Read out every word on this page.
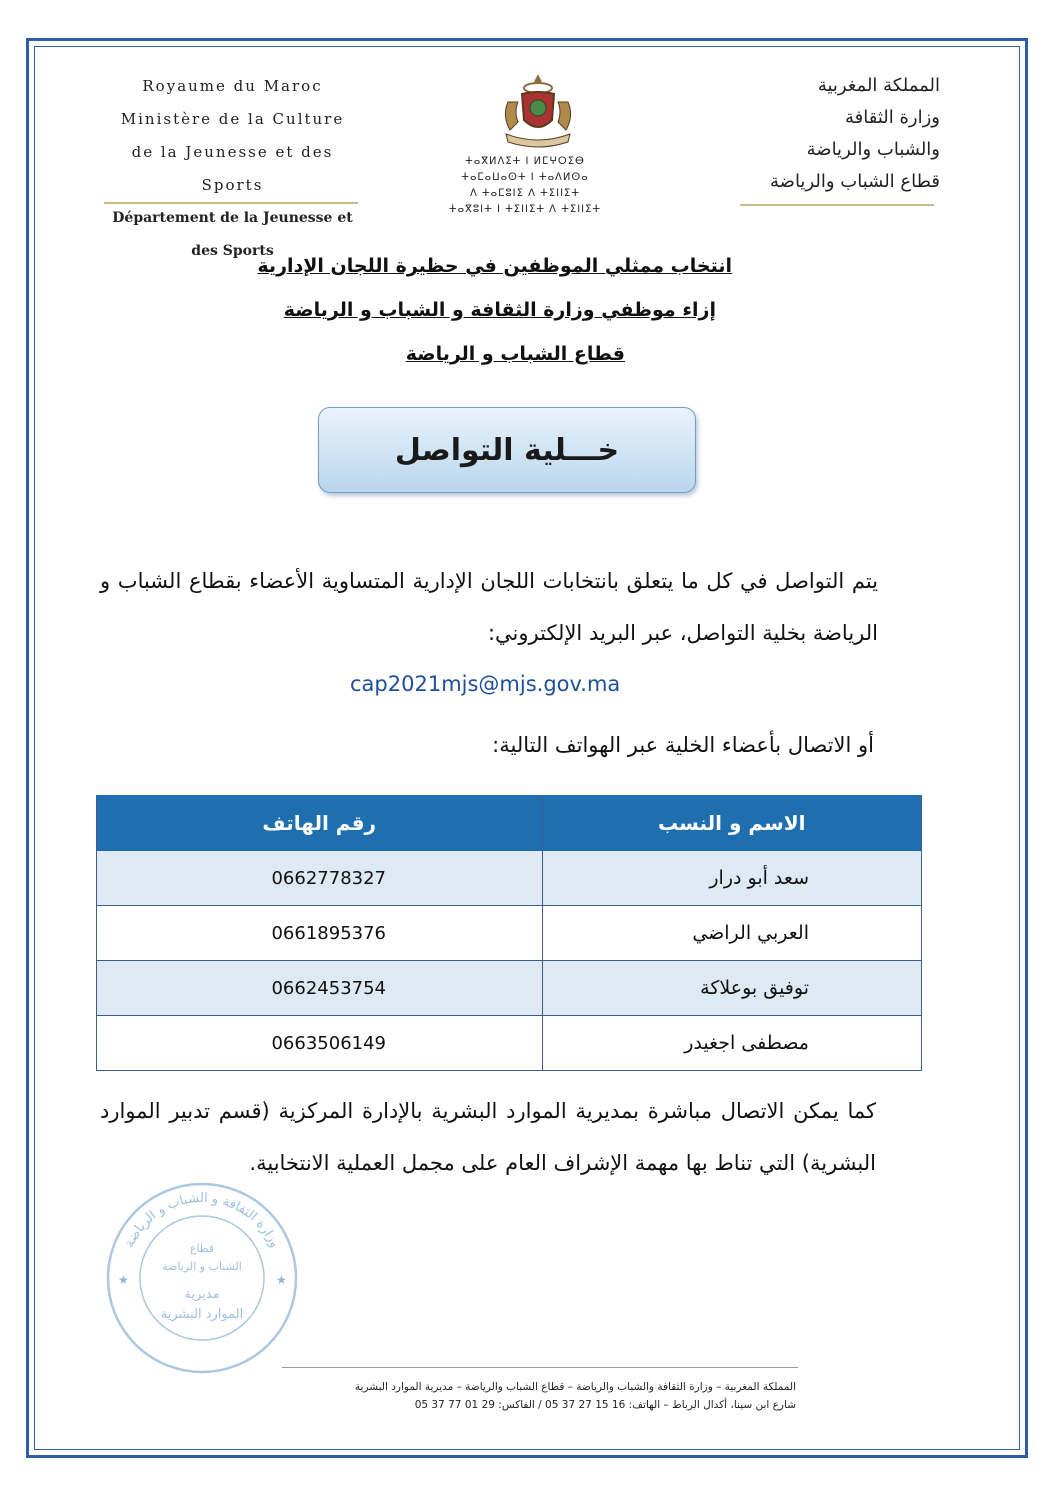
Royaume du Maroc
Ministère de la Culture
de la Jeunesse et des Sports
Département de la Jeunesse et des Sports
ⵜⴰⴳⵍⴷⵉⵜ ⵏ ⵍⵎⵖⵔⵉⴱ
ⵜⴰⵎⴰⵡⴰⵙⵜ ⵏ ⵜⴰⴷⵍⵙⴰ
ⴷ ⵜⴰⵎⵓⵏⵉ ⴷ ⵜⵉⵏⵏⵉⵜ
ⵜⴰⴳⵓⵏⵜ ⵏ ⵜⵉⵏⵏⵉⵜ ⴷ ⵜⵉⵏⵏⵉⵜ
المملكة المغربية
وزارة الثقافة
والشباب والرياضة
قطاع الشباب والرياضة
انتخاب ممثلي الموظفين في حظيرة اللجان الإدارية
إزاء موظفي وزارة الثقافة و الشباب و الرياضة
قطاع الشباب و الرياضة
خـــلية التواصل
يتم التواصل في كل ما يتعلق بانتخابات اللجان الإدارية المتساوية الأعضاء بقطاع الشباب و الرياضة بخلية التواصل، عبر البريد الإلكتروني:
cap2021mjs@mjs.gov.ma
أو الاتصال بأعضاء الخلية عبر الهواتف التالية:
الاسم و النسب	رقم الهاتف
سعد أبو درار	0662778327
العربي الراضي	0661895376
توفيق بوعلاكة	0662453754
مصطفى اجغيدر	0663506149
كما يمكن الاتصال مباشرة بمديرية الموارد البشرية بالإدارة المركزية (قسم تدبير الموارد البشرية) التي تناط بها مهمة الإشراف العام على مجمل العملية الانتخابية.
وزارة الثقافة و الشباب و الرياضة
قطاع
الشباب و الرياضة
مديرية
الموارد البشرية
★	★
المملكة المغربية – وزارة الثقافة والشباب والرياضة – قطاع الشباب والرياضة – مديرية الموارد البشرية
شارع ابن سينا، أكدال الرباط – الهاتف: 16 15 27 37 05 / الفاكس: 29 01 77 37 05
